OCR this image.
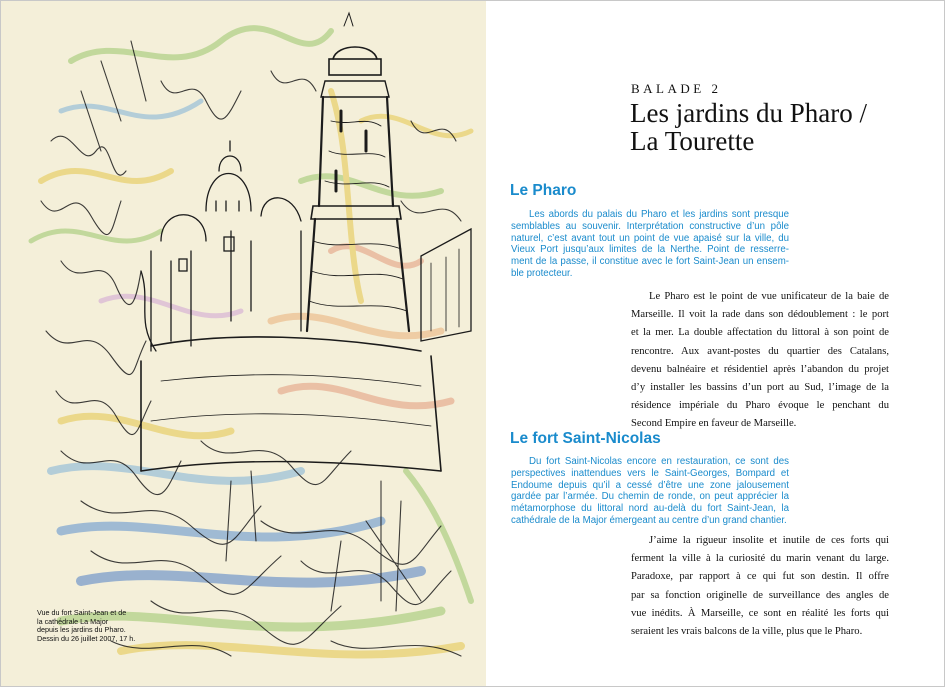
Vue du fort Saint-Jean et de
la cathédrale La Major
depuis les jardins du Pharo.
Dessin du 26 juillet 2007, 17 h.
BALADE 2
Les jardins du Pharo /
La Tourette
Le Pharo
Les abords du palais du Pharo et les jardins sont presque
semblables au souvenir. Interprétation constructive d’un pôle
naturel, c’est avant tout un point de vue apaisé sur la ville, du
Vieux Port jusqu’aux limites de la Nerthe. Point de resserre-
ment de la passe, il constitue avec le fort Saint-Jean un ensem-
ble protecteur.
Le Pharo est le point de vue unificateur de la baie de
Marseille. Il voit la rade dans son dédoublement : le port
et la mer. La double affectation du littoral à son point de
rencontre. Aux avant-postes du quartier des Catalans,
devenu balnéaire et résidentiel après l’abandon du projet
d’y installer les bassins d’un port au Sud, l’image de la
résidence impériale du Pharo évoque le penchant du
Second Empire en faveur de Marseille.
Le fort Saint-Nicolas
Du fort Saint-Nicolas encore en restauration, ce sont des
perspectives inattendues vers le Saint-Georges, Bompard et
Endoume depuis qu’il a cessé d’être une zone jalousement
gardée par l’armée. Du chemin de ronde, on peut apprécier la
métamorphose du littoral nord au-delà du fort Saint-Jean, la
cathédrale de la Major émergeant au centre d’un grand chantier.
J’aime la rigueur insolite et inutile de ces forts qui
ferment la ville à la curiosité du marin venant du large.
Paradoxe, par rapport à ce qui fut son destin. Il offre
par sa fonction originelle de surveillance des angles de
vue inédits. À Marseille, ce sont en réalité les forts qui
seraient les vrais balcons de la ville, plus que le Pharo.
